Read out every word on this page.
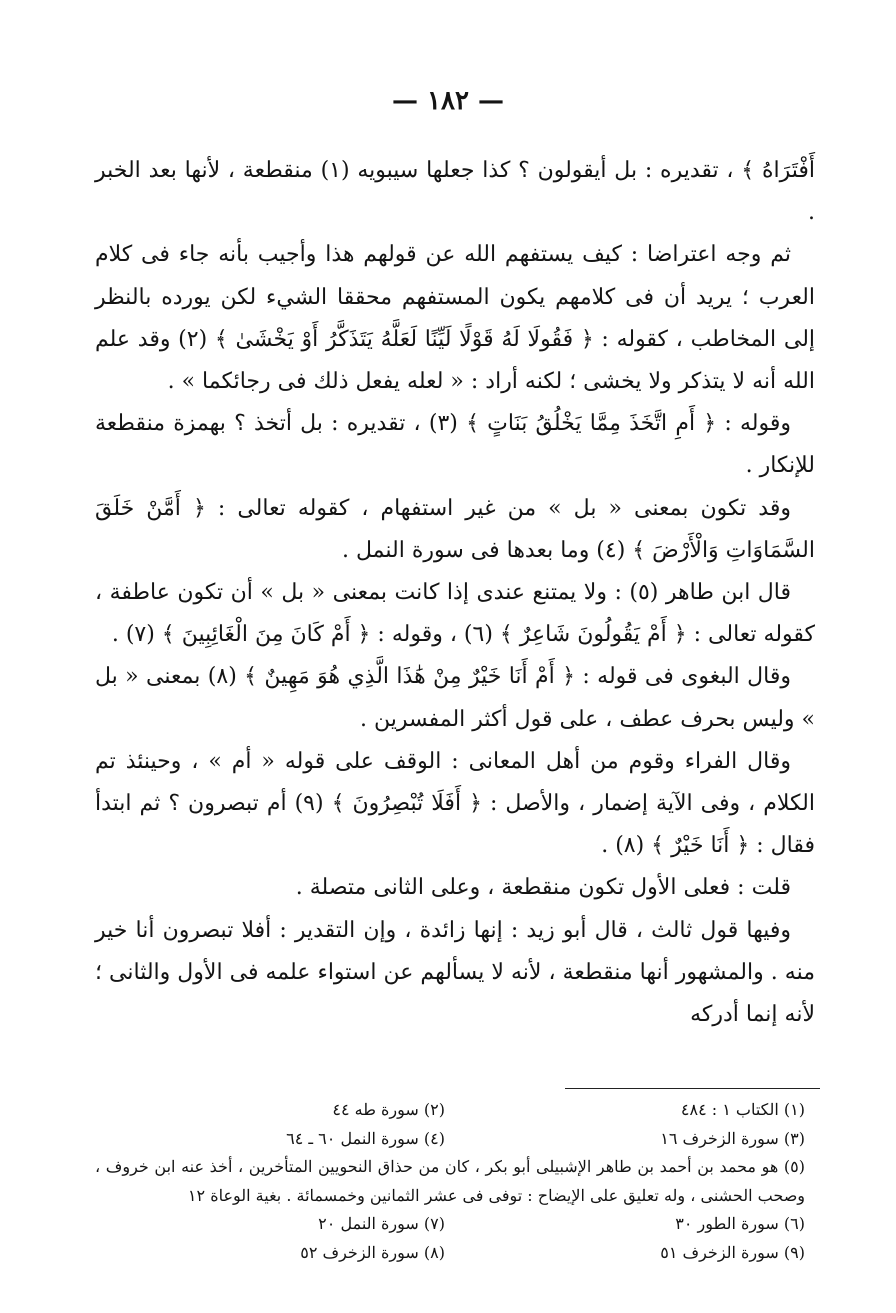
— ١٨٢ —

أَفْتَرَاهُ ﴾ ، تقديره : بل أيقولون ؟ كذا جعلها سيبويه (١) منقطعة ، لأنها بعد الخبر .

ثم وجه اعتراضا : كيف يستفهم الله عن قولهم هذا وأجيب بأنه جاء فى كلام العرب ؛ يريد أن فى كلامهم يكون المستفهم محققا الشيء لكن يورده بالنظر إلى المخاطب ، كقوله : ﴿ فَقُولَا لَهُ قَوْلًا لَيِّنًا لَعَلَّهُ يَتَذَكَّرُ أَوْ يَخْشَىٰ ﴾ (٢) وقد علم الله أنه لا يتذكر ولا يخشى ؛ لكنه أراد : « لعله يفعل ذلك فى رجائكما » .

وقوله : ﴿ أَمِ اتَّخَذَ مِمَّا يَخْلُقُ بَنَاتٍ ﴾ (٣) ، تقديره : بل أتخذ ؟ بهمزة منقطعة للإنكار .

وقد تكون بمعنى « بل » من غير استفهام ، كقوله تعالى : ﴿ أَمَّنْ خَلَقَ السَّمَاوَاتِ وَالْأَرْضَ ﴾ (٤) وما بعدها فى سورة النمل .

قال ابن طاهر (٥) : ولا يمتنع عندى إذا كانت بمعنى « بل » أن تكون عاطفة ، كقوله تعالى : ﴿ أَمْ يَقُولُونَ شَاعِرٌ ﴾ (٦) ، وقوله : ﴿ أَمْ كَانَ مِنَ الْغَائِبِينَ ﴾ (٧) .

وقال البغوى فى قوله : ﴿ أَمْ أَنَا خَيْرٌ مِنْ هَٰذَا الَّذِي هُوَ مَهِينٌ ﴾ (٨) بمعنى « بل » وليس بحرف عطف ، على قول أكثر المفسرين .

وقال الفراء وقوم من أهل المعانى : الوقف على قوله « أم » ، وحينئذ تم الكلام ، وفى الآية إضمار ، والأصل : ﴿ أَفَلَا تُبْصِرُونَ ﴾ (٩) أم تبصرون ؟ ثم ابتدأ فقال : ﴿ أَنَا خَيْرٌ ﴾ (٨) .

قلت : فعلى الأول تكون منقطعة ، وعلى الثانى متصلة .

وفيها قول ثالث ، قال أبو زيد : إنها زائدة ، وإن التقدير : أفلا تبصرون أنا خير منه . والمشهور أنها منقطعة ، لأنه لا يسألهم عن استواء علمه فى الأول والثانى ؛ لأنه إنما أدركه

(١) الكتاب ١ : ٤٨٤
(٢) سورة طه ٤٤
(٣) سورة الزخرف ١٦
(٤) سورة النمل ٦٠ ـ ٦٤
(٥) هو محمد بن أحمد بن طاهر الإشبيلى أبو بكر ، كان من حذاق النحويين المتأخرين ، أخذ عنه ابن خروف ، وصحب الحشنى ، وله تعليق على الإيضاح : توفى فى عشر الثمانين وخمسمائة . بغية الوعاة ١٢
(٦) سورة الطور ٣٠
(٧) سورة النمل ٢٠
(٩) سورة الزخرف ٥١
(٨) سورة الزخرف ٥٢
